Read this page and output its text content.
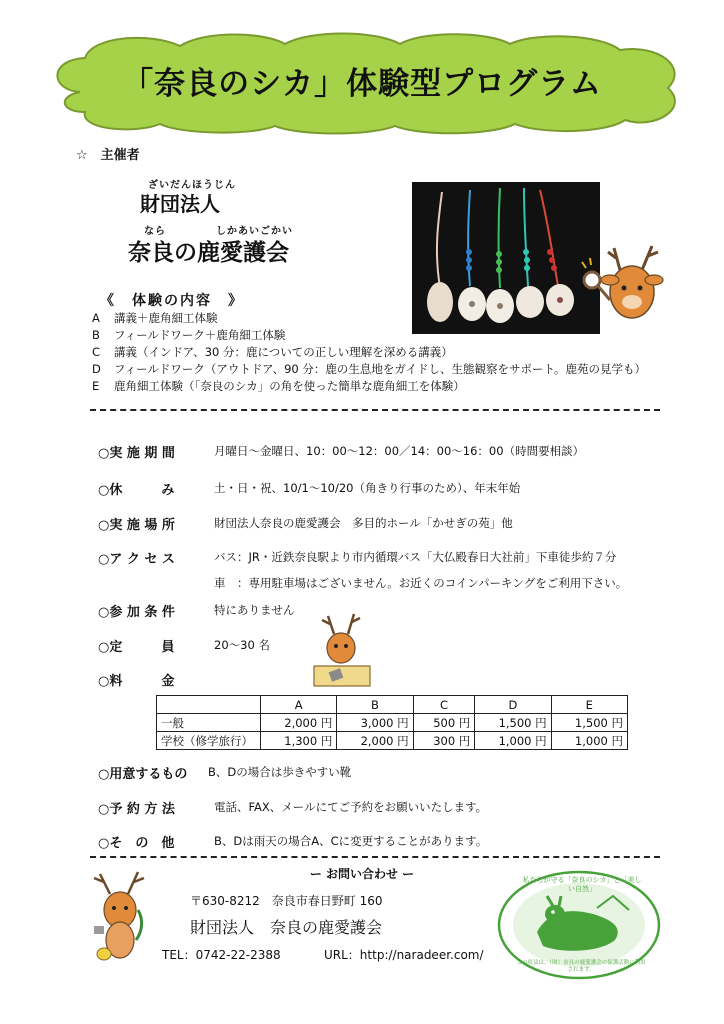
「奈良のシカ」体験型プログラム
☆　主催者
ざいだんほうじん
財団法人
なら	しかあいごかい
奈良の鹿愛護会
《　体験の内容　》
A 講義＋鹿角細工体験
B フィールドワーク＋鹿角細工体験
C 講義（インドア、30 分：鹿についての正しい理解を深める講義）
D フィールドワーク（アウトドア、90 分：鹿の生息地をガイドし、生態観察をサポート。鹿苑の見学も）
E 鹿角細工体験（「奈良のシカ」の角を使った簡単な鹿角細工を体験）
○実 施 期 間	月曜日～金曜日、10：00～12：00／14：00～16：00（時間要相談）
○休　　　み	土・日・祝、10/1～10/20（角きり行事のため）、年末年始
○実 施 場 所	財団法人奈良の鹿愛護会　多目的ホール「かせぎの苑」他
○ア ク セ ス	バス：JR・近鉄奈良駅より市内循環バス「大仏殿春日大社前」下車徒歩約７分
車　：専用駐車場はございません。お近くのコインパーキングをご利用下さい。
○参 加 条 件	特にありません
○定　　　員	20～30 名
○料　　　金
	A	B	C	D	E
一般	2,000 円	3,000 円	500 円	1,500 円	1,500 円
学校（修学旅行）	1,300 円	2,000 円	300 円	1,000 円	1,000 円
○用意するもの B、Dの場合は歩きやすい靴
○予 約 方 法	電話、FAX、メールにてご予約をお願いいたします。
○そ　の　他	B、Dは雨天の場合A、Cに変更することがあります。
ー お問い合わせ ー
〒630-8212　奈良市春日野町 160
財団法人　奈良の鹿愛護会
TEL：0742-22-2388	URL：http://naradeer.com/
私たちが守る「奈良のシカ」と「美しい自然」
この収益は、（財）奈良の鹿愛護会の保護活動に利用されます。
